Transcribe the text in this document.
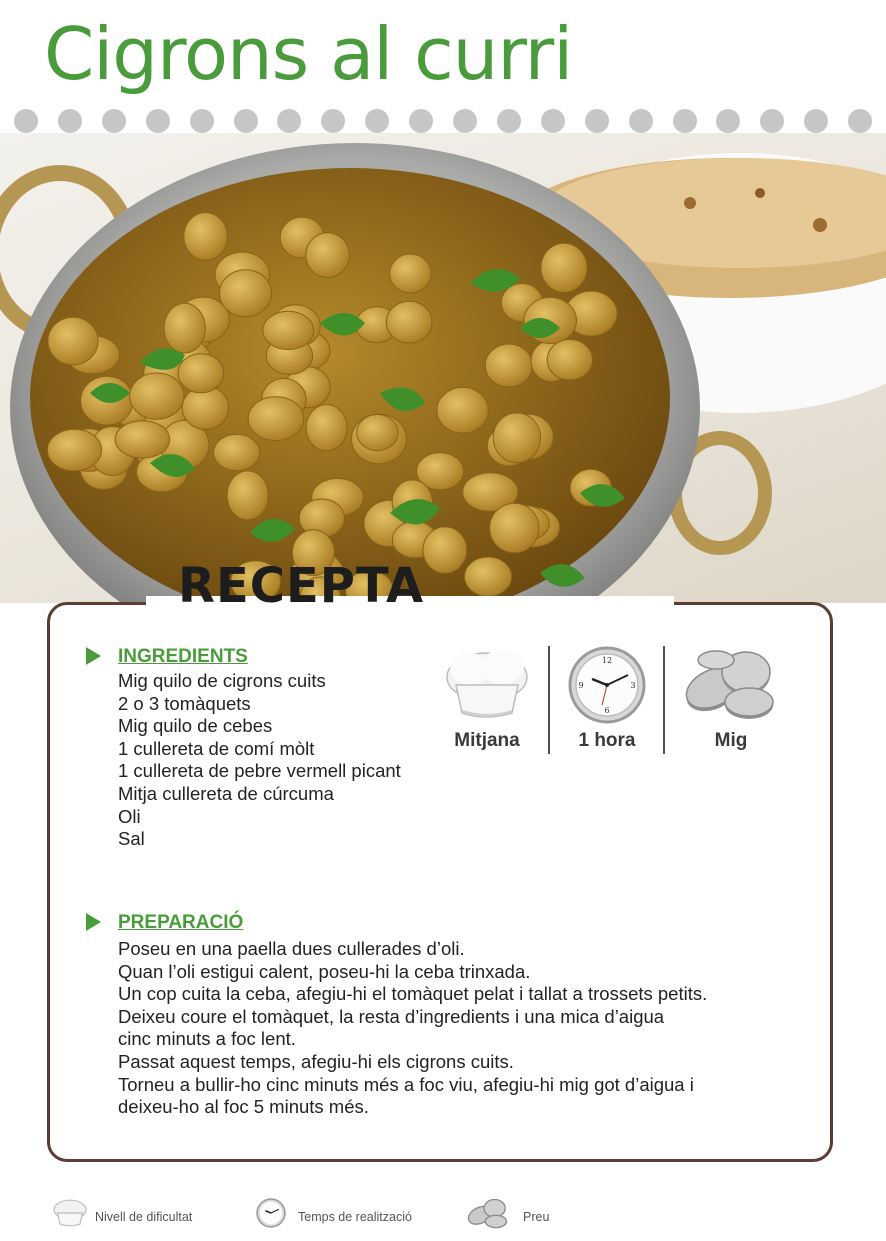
Cigrons al curri
RECEPTA
INGREDIENTS
Mig quilo de cigrons cuits
2 o 3 tomàquets
Mig quilo de cebes
1 cullereta de comí mòlt
1 cullereta de pebre vermell picant
Mitja cullereta de cúrcuma
Oli
Sal
Mitjana
12
3
6
9
1 hora	Mig
PREPARACIÓ
Poseu en una paella dues cullerades d’oli.
Quan l’oli estigui calent, poseu-hi la ceba trinxada.
Un cop cuita la ceba, afegiu-hi el tomàquet pelat i tallat a trossets petits.
Deixeu coure el tomàquet, la resta d’ingredients i una mica d’aigua
cinc minuts a foc lent.
Passat aquest temps, afegiu-hi els cigrons cuits.
Torneu a bullir-ho cinc minuts més a foc viu, afegiu-hi mig got d’aigua i
deixeu-ho al foc 5 minuts més.
Nivell de dificultat	Temps de realització	Preu
